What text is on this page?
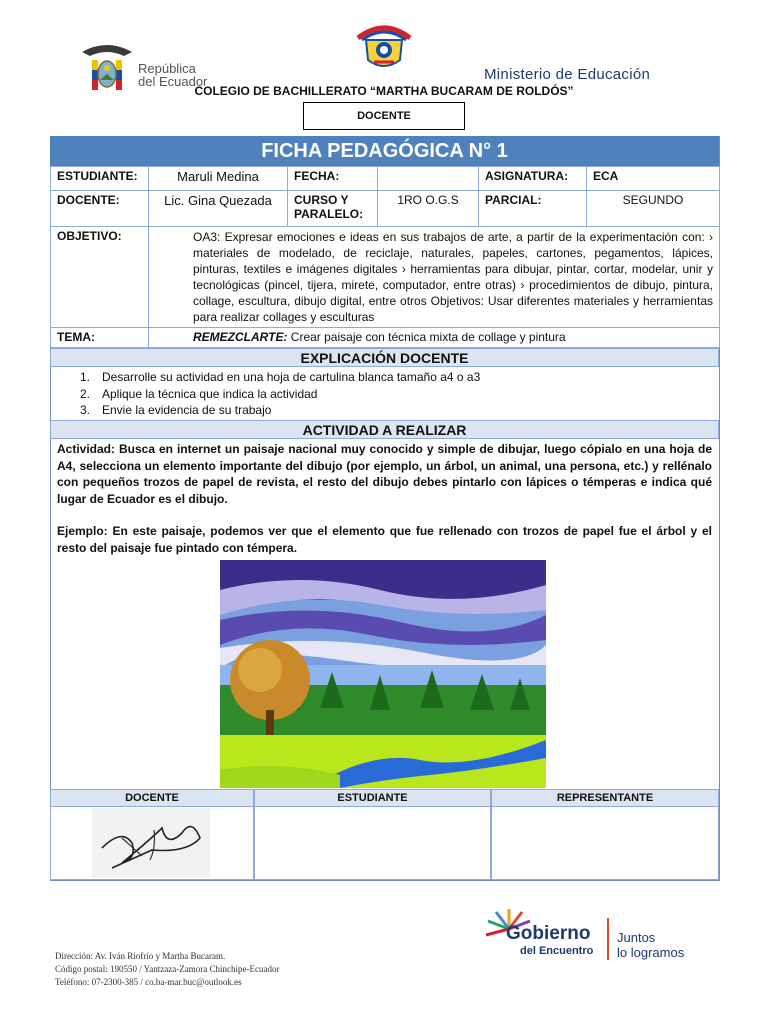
República
del Ecuador	Ministerio de Educación
COLEGIO DE BACHILLERATO “MARTHA BUCARAM DE ROLDÓS”
DOCENTE
FICHA PEDAGÓGICA N° 1
ESTUDIANTE:	Maruli Medina	FECHA:		ASIGNATURA:	ECA
DOCENTE:	Lic. Gina Quezada	CURSO Y PARALELO:	1RO O.G.S	PARCIAL:	SEGUNDO
OBJETIVO:	OA3: Expresar emociones e ideas en sus trabajos de arte, a partir de la experimentación con: › materiales de modelado, de reciclaje, naturales, papeles, cartones, pegamentos, lápices, pinturas, textiles e imágenes digitales › herramientas para dibujar, pintar, cortar, modelar, unir y tecnológicas (pincel, tijera, mirete, computador, entre otras) › procedimientos de dibujo, pintura, collage, escultura, dibujo digital, entre otros Objetivos: Usar diferentes materiales y herramientas para realizar collages y esculturas				

TEMA:	REMEZCLARTE: Crear paisaje con técnica mixta de collage y pintura				
EXPLICACIÓN DOCENTE
1. Desarrolle su actividad en una hoja de cartulina blanca tamaño a4 o a3
2. Aplique la técnica que indica la actividad
3. Envie la evidencia de su trabajo
ACTIVIDAD A REALIZAR
Actividad: Busca en internet un paisaje nacional muy conocido y simple de dibujar, luego cópialo en una hoja de A4, selecciona un elemento importante del dibujo (por ejemplo, un árbol, un animal, una persona, etc.) y rellénalo con pequeños trozos de papel de revista, el resto del dibujo debes pintarlo con lápices o témperas e indica qué lugar de Ecuador es el dibujo.
Ejemplo: En este paisaje, podemos ver que el elemento que fue rellenado con trozos de papel fue el árbol y el resto del paisaje fue pintado con témpera.
DOCENTE	ESTUDIANTE	REPRESENTANTE
Dirección: Av. Iván Riofrío y Martha Bucaram.
Código postal: 190550 / Yantzaza-Zamora Chinchipe-Ecuador
Teléfono: 07-2300-385 / co.ba-mar.buc@outlook.es
Gobierno
del Encuentro
Juntos
lo logramos
